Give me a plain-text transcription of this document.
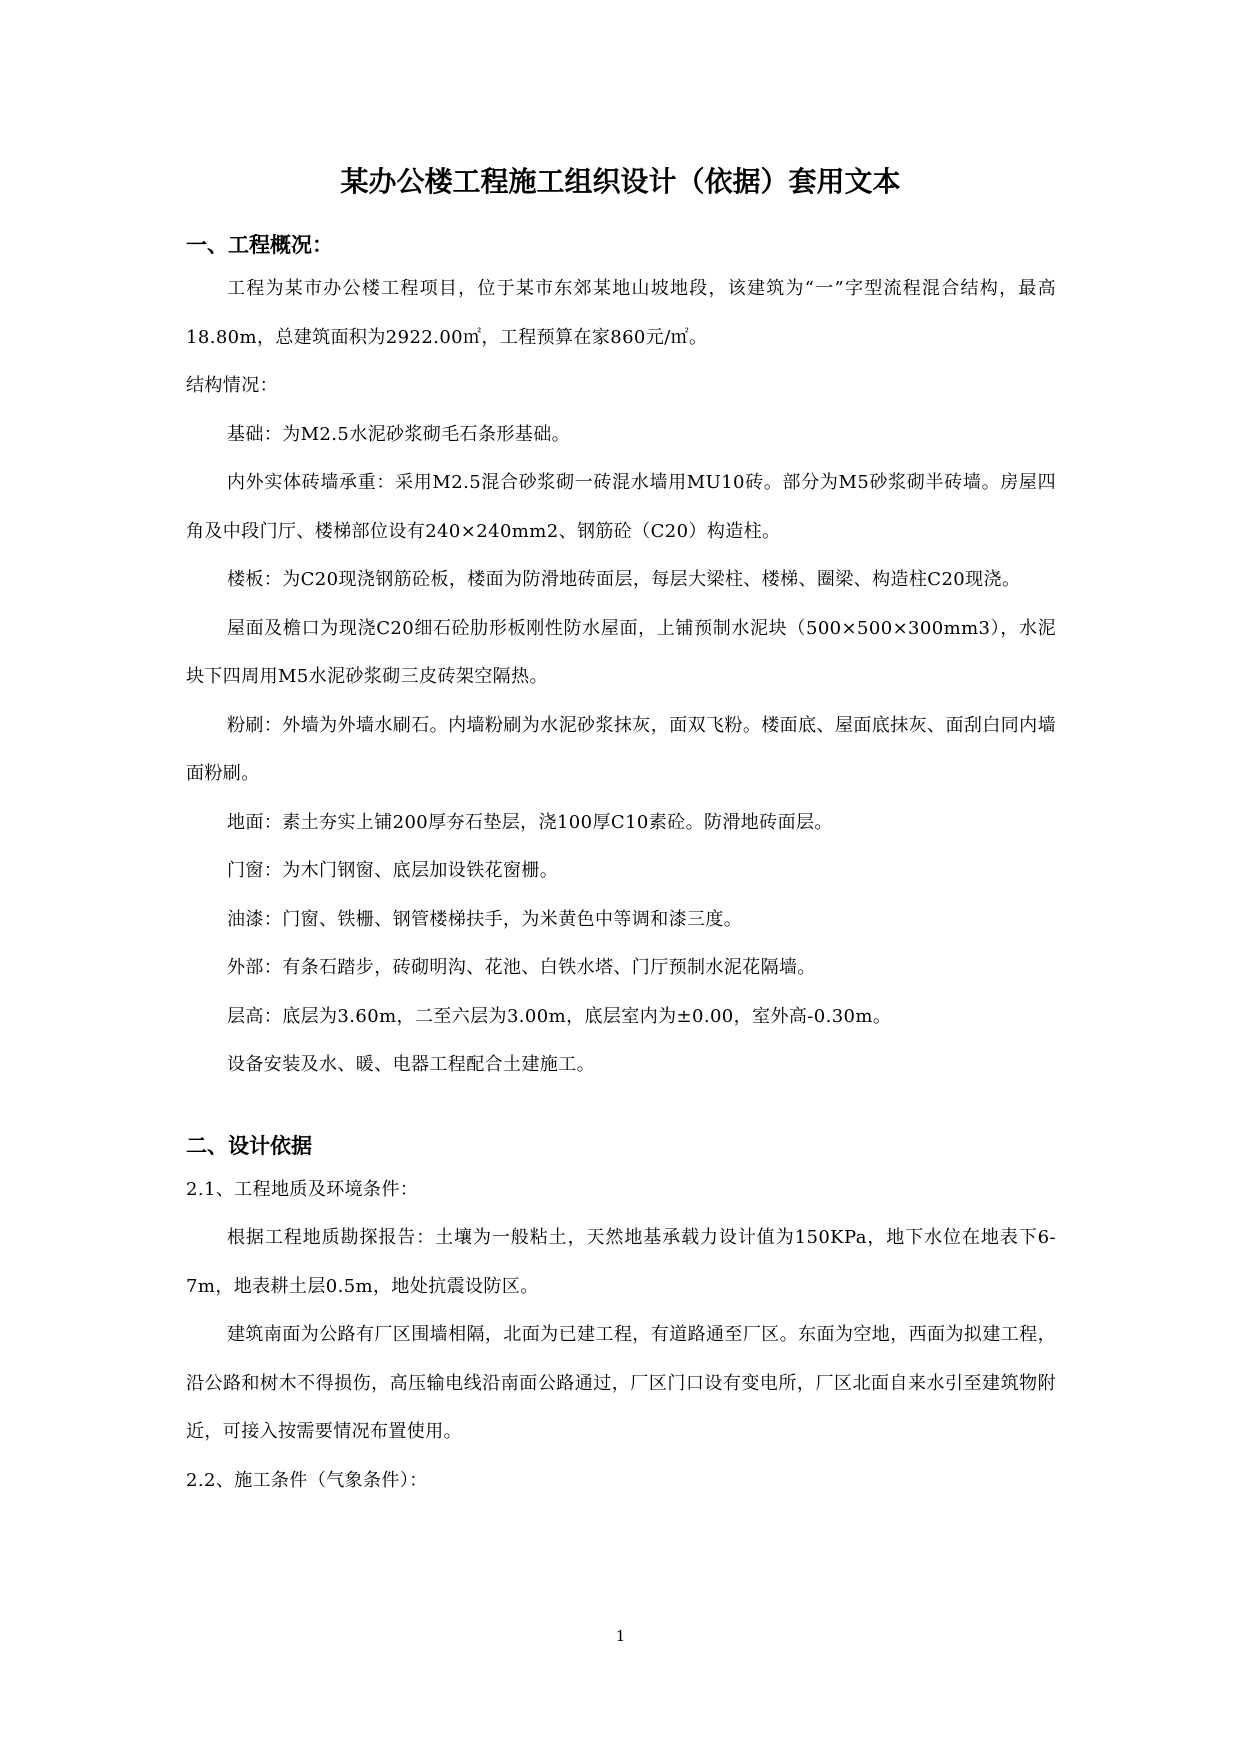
某办公楼工程施工组织设计（依据）套用文本
一、工程概况：

工程为某市办公楼工程项目，位于某市东郊某地山坡地段，该建筑为“一”字型流程混合结构，最高18.80m，总建筑面积为2922.00㎡，工程预算在家860元/㎡。

结构情况：

基础：为M2.5水泥砂浆砌毛石条形基础。

内外实体砖墙承重：采用M2.5混合砂浆砌一砖混水墙用MU10砖。部分为M5砂浆砌半砖墙。房屋四角及中段门厅、楼梯部位设有240×240mm2、钢筋砼（C20）构造柱。

楼板：为C20现浇钢筋砼板，楼面为防滑地砖面层，每层大梁柱、楼梯、圈梁、构造柱C20现浇。

屋面及檐口为现浇C20细石砼肋形板刚性防水屋面，上铺预制水泥块（500×500×300mm3），水泥块下四周用M5水泥砂浆砌三皮砖架空隔热。

粉刷：外墙为外墙水刷石。内墙粉刷为水泥砂浆抹灰，面双飞粉。楼面底、屋面底抹灰、面刮白同内墙面粉刷。

地面：素土夯实上铺200厚夯石垫层，浇100厚C10素砼。防滑地砖面层。

门窗：为木门钢窗、底层加设铁花窗栅。

油漆：门窗、铁栅、钢管楼梯扶手，为米黄色中等调和漆三度。

外部：有条石踏步，砖砌明沟、花池、白铁水塔、门厅预制水泥花隔墙。

层高：底层为3.60m，二至六层为3.00m，底层室内为±0.00，室外高-0.30m。

设备安装及水、暖、电器工程配合土建施工。

二、设计依据

2.1、工程地质及环境条件：

根据工程地质勘探报告：土壤为一般粘土，天然地基承载力设计值为150KPa，地下水位在地表下6-7m，地表耕土层0.5m，地处抗震设防区。

建筑南面为公路有厂区围墙相隔，北面为已建工程，有道路通至厂区。东面为空地，西面为拟建工程，沿公路和树木不得损伤，高压输电线沿南面公路通过，厂区门口设有变电所，厂区北面自来水引至建筑物附近，可接入按需要情况布置使用。

2.2、施工条件（气象条件）：

1
